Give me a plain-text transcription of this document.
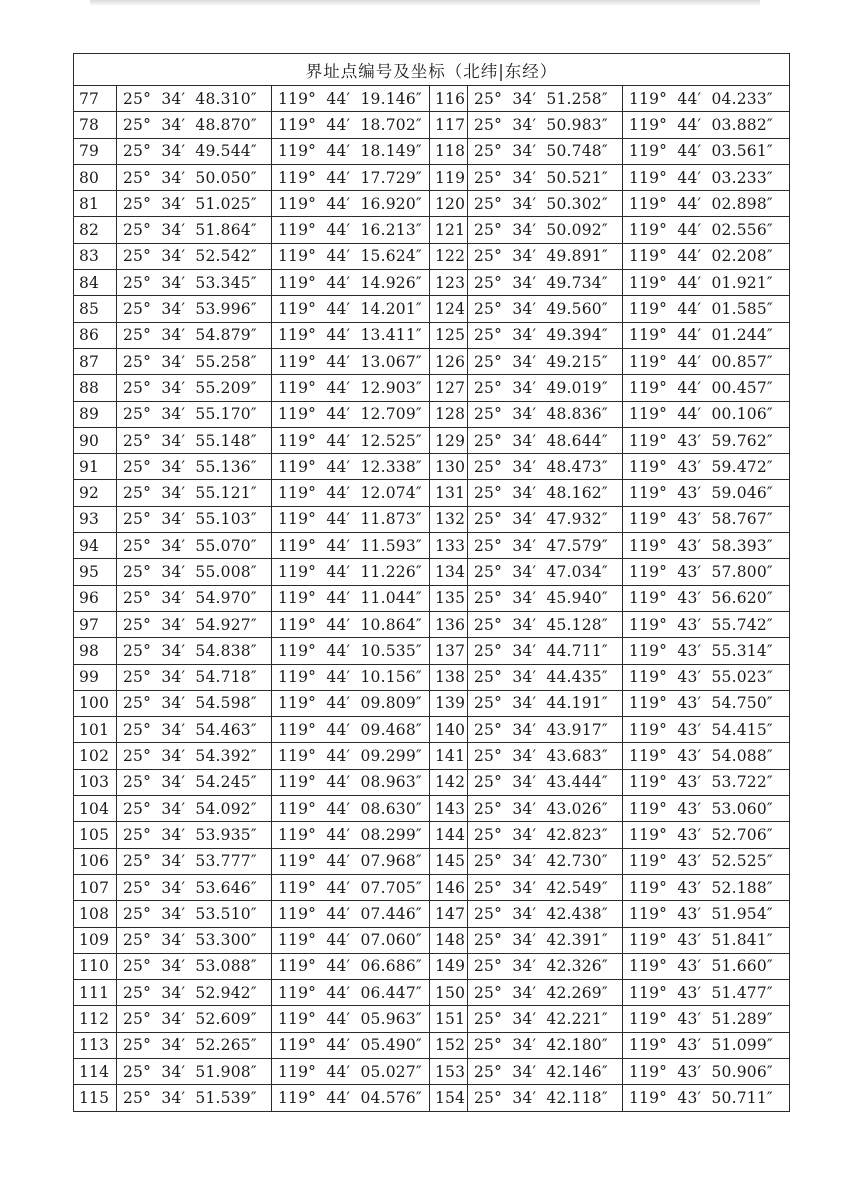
界址点编号及坐标（北纬|东经）					
77	25°  34′  48.310″	119°  44′  19.146″	116	25°  34′  51.258″	119°  44′  04.233″
78	25°  34′  48.870″	119°  44′  18.702″	117	25°  34′  50.983″	119°  44′  03.882″
79	25°  34′  49.544″	119°  44′  18.149″	118	25°  34′  50.748″	119°  44′  03.561″
80	25°  34′  50.050″	119°  44′  17.729″	119	25°  34′  50.521″	119°  44′  03.233″
81	25°  34′  51.025″	119°  44′  16.920″	120	25°  34′  50.302″	119°  44′  02.898″
82	25°  34′  51.864″	119°  44′  16.213″	121	25°  34′  50.092″	119°  44′  02.556″
83	25°  34′  52.542″	119°  44′  15.624″	122	25°  34′  49.891″	119°  44′  02.208″
84	25°  34′  53.345″	119°  44′  14.926″	123	25°  34′  49.734″	119°  44′  01.921″
85	25°  34′  53.996″	119°  44′  14.201″	124	25°  34′  49.560″	119°  44′  01.585″
86	25°  34′  54.879″	119°  44′  13.411″	125	25°  34′  49.394″	119°  44′  01.244″
87	25°  34′  55.258″	119°  44′  13.067″	126	25°  34′  49.215″	119°  44′  00.857″
88	25°  34′  55.209″	119°  44′  12.903″	127	25°  34′  49.019″	119°  44′  00.457″
89	25°  34′  55.170″	119°  44′  12.709″	128	25°  34′  48.836″	119°  44′  00.106″
90	25°  34′  55.148″	119°  44′  12.525″	129	25°  34′  48.644″	119°  43′  59.762″
91	25°  34′  55.136″	119°  44′  12.338″	130	25°  34′  48.473″	119°  43′  59.472″
92	25°  34′  55.121″	119°  44′  12.074″	131	25°  34′  48.162″	119°  43′  59.046″
93	25°  34′  55.103″	119°  44′  11.873″	132	25°  34′  47.932″	119°  43′  58.767″
94	25°  34′  55.070″	119°  44′  11.593″	133	25°  34′  47.579″	119°  43′  58.393″
95	25°  34′  55.008″	119°  44′  11.226″	134	25°  34′  47.034″	119°  43′  57.800″
96	25°  34′  54.970″	119°  44′  11.044″	135	25°  34′  45.940″	119°  43′  56.620″
97	25°  34′  54.927″	119°  44′  10.864″	136	25°  34′  45.128″	119°  43′  55.742″
98	25°  34′  54.838″	119°  44′  10.535″	137	25°  34′  44.711″	119°  43′  55.314″
99	25°  34′  54.718″	119°  44′  10.156″	138	25°  34′  44.435″	119°  43′  55.023″
100	25°  34′  54.598″	119°  44′  09.809″	139	25°  34′  44.191″	119°  43′  54.750″
101	25°  34′  54.463″	119°  44′  09.468″	140	25°  34′  43.917″	119°  43′  54.415″
102	25°  34′  54.392″	119°  44′  09.299″	141	25°  34′  43.683″	119°  43′  54.088″
103	25°  34′  54.245″	119°  44′  08.963″	142	25°  34′  43.444″	119°  43′  53.722″
104	25°  34′  54.092″	119°  44′  08.630″	143	25°  34′  43.026″	119°  43′  53.060″
105	25°  34′  53.935″	119°  44′  08.299″	144	25°  34′  42.823″	119°  43′  52.706″
106	25°  34′  53.777″	119°  44′  07.968″	145	25°  34′  42.730″	119°  43′  52.525″
107	25°  34′  53.646″	119°  44′  07.705″	146	25°  34′  42.549″	119°  43′  52.188″
108	25°  34′  53.510″	119°  44′  07.446″	147	25°  34′  42.438″	119°  43′  51.954″
109	25°  34′  53.300″	119°  44′  07.060″	148	25°  34′  42.391″	119°  43′  51.841″
110	25°  34′  53.088″	119°  44′  06.686″	149	25°  34′  42.326″	119°  43′  51.660″
111	25°  34′  52.942″	119°  44′  06.447″	150	25°  34′  42.269″	119°  43′  51.477″
112	25°  34′  52.609″	119°  44′  05.963″	151	25°  34′  42.221″	119°  43′  51.289″
113	25°  34′  52.265″	119°  44′  05.490″	152	25°  34′  42.180″	119°  43′  51.099″
114	25°  34′  51.908″	119°  44′  05.027″	153	25°  34′  42.146″	119°  43′  50.906″
115	25°  34′  51.539″	119°  44′  04.576″	154	25°  34′  42.118″	119°  43′  50.711″
